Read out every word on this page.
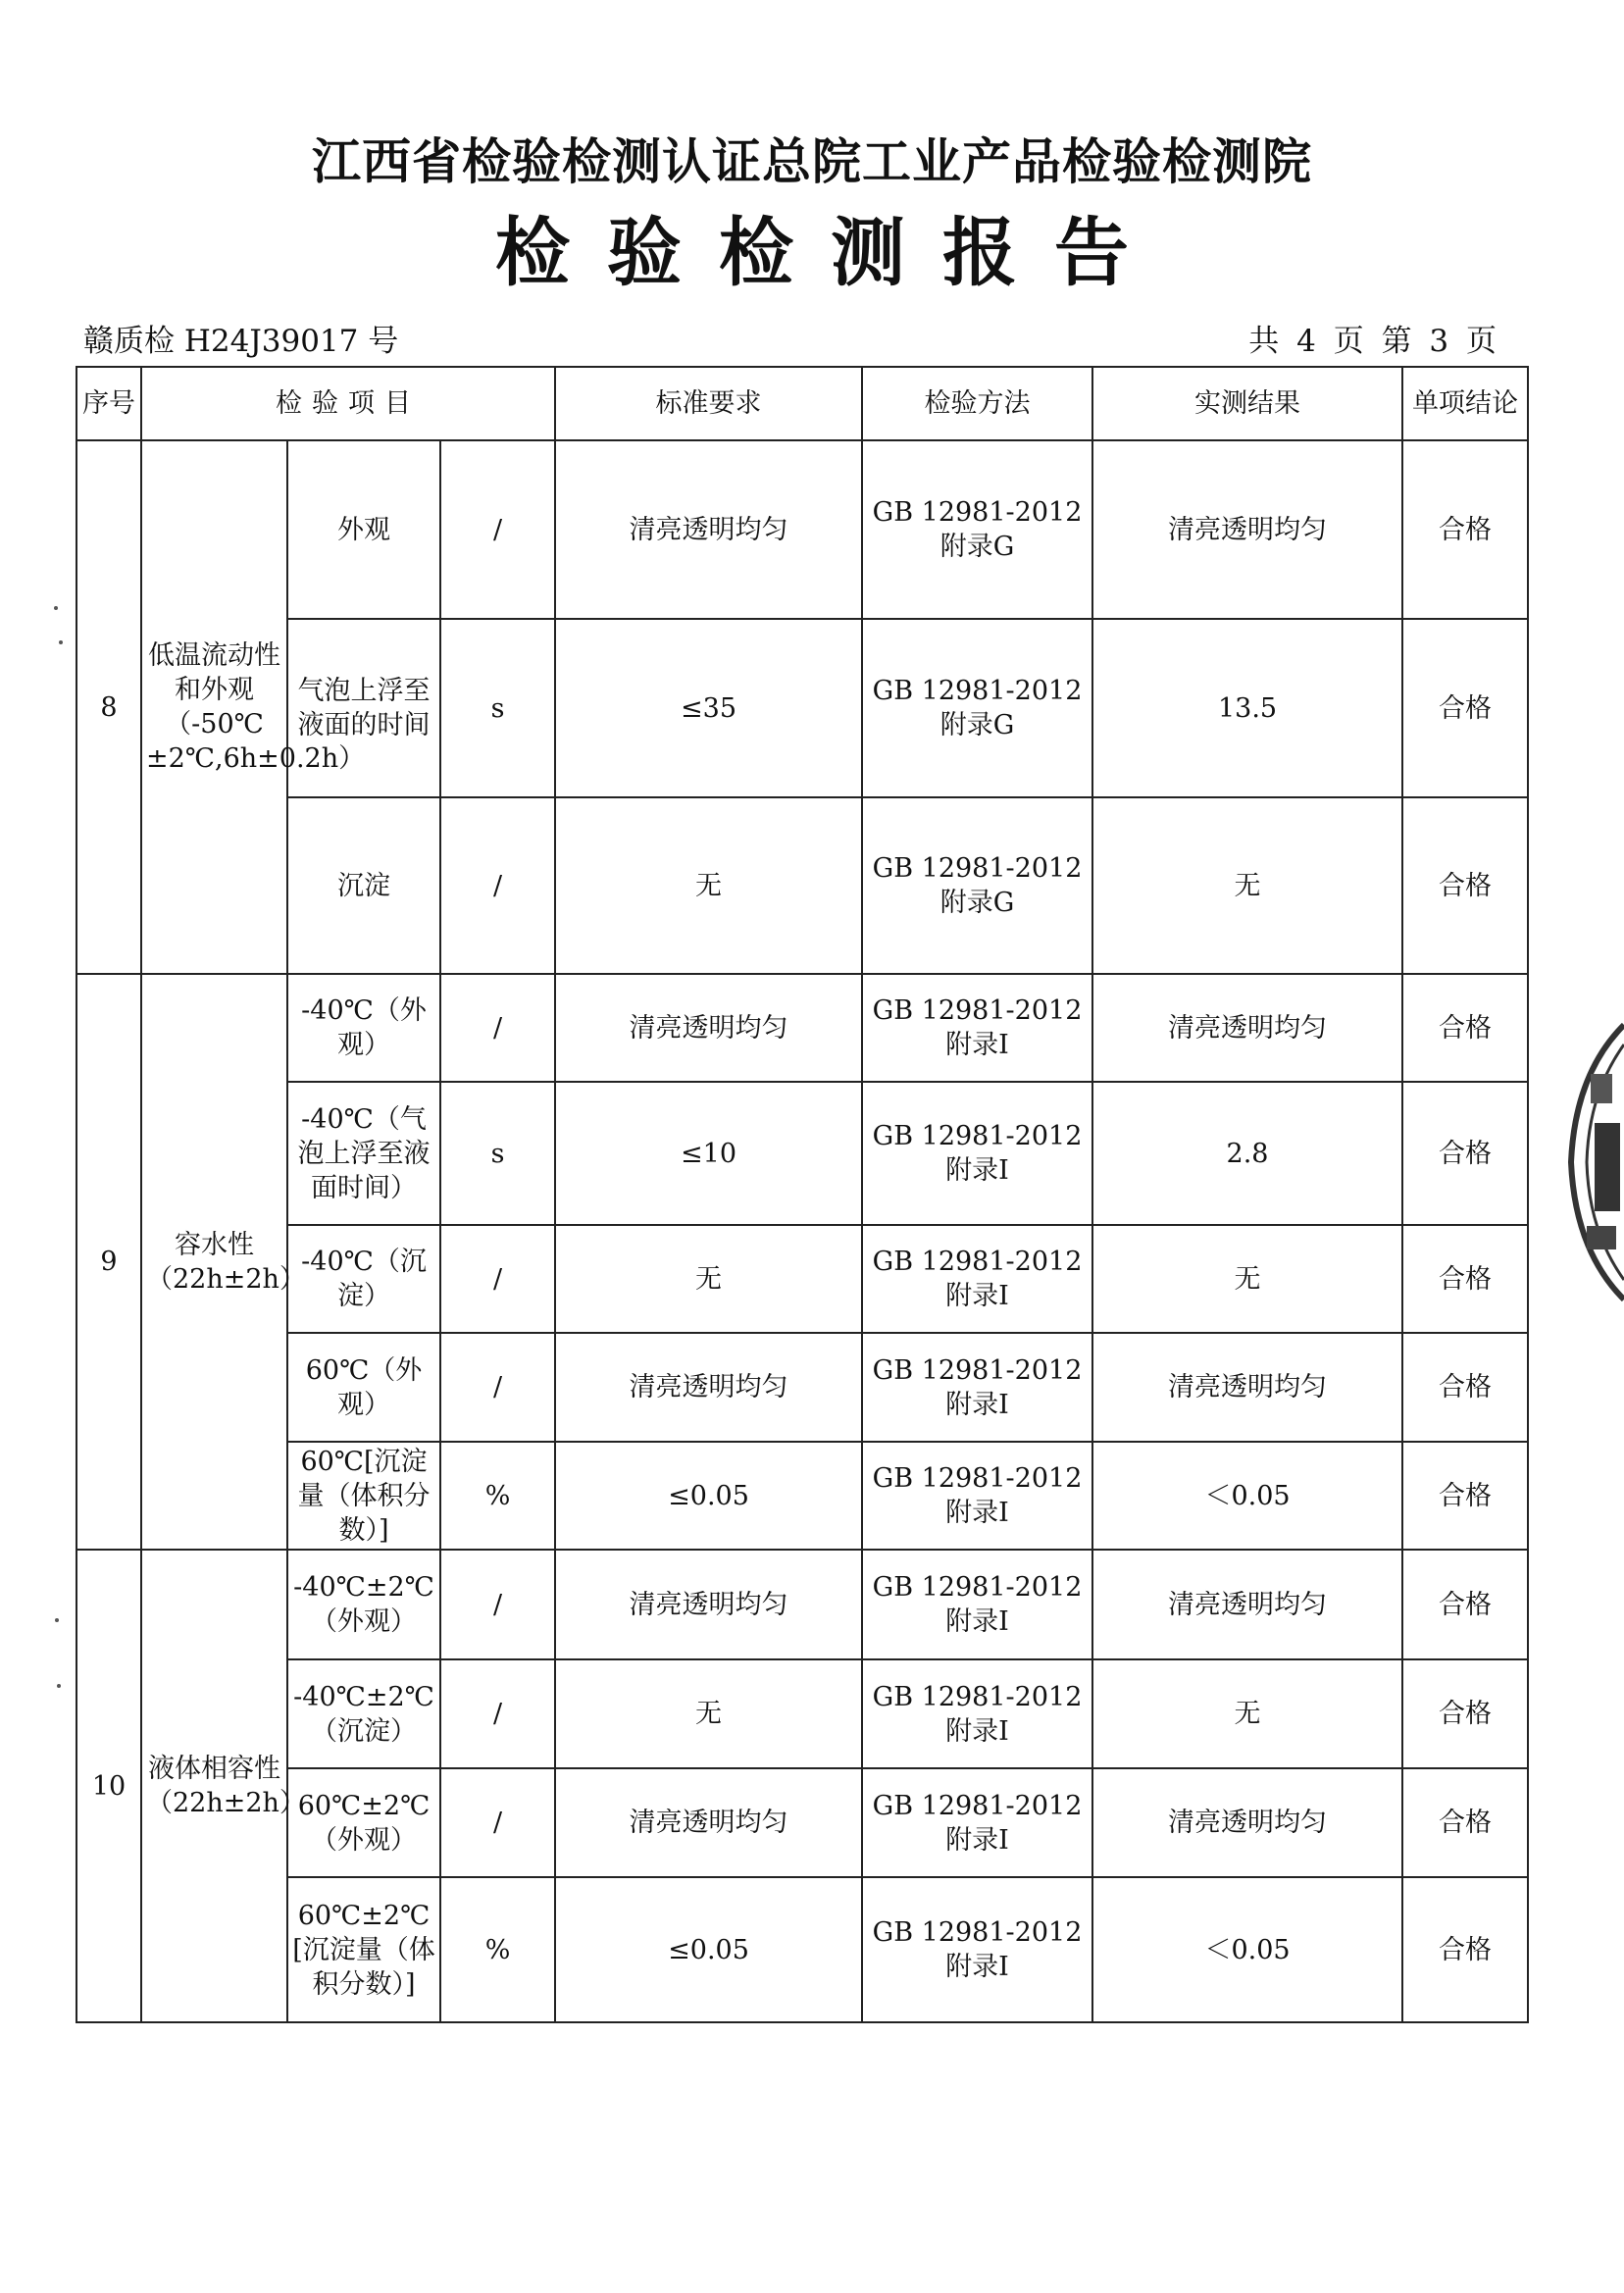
江西省检验检测认证总院工业产品检验检测院
检验检测报告
赣质检 H24J39017 号	共 4 页 第 3 页
序号	检验项目			标准要求	检验方法	实测结果	单项结论
8	低温流动性和外观（-50℃±2℃,6h±0.2h）	外观	/	清亮透明均匀	GB 12981-2012 附录G	清亮透明均匀	合格
		气泡上浮至液面的时间	s	≤35	GB 12981-2012 附录G	13.5	合格
		沉淀	/	无	GB 12981-2012 附录G	无	合格
9	容水性（22h±2h）	-40℃（外观）	/	清亮透明均匀	GB 12981-2012 附录I	清亮透明均匀	合格
		-40℃（气泡上浮至液面时间）	s	≤10	GB 12981-2012 附录I	2.8	合格
		-40℃（沉淀）	/	无	GB 12981-2012 附录I	无	合格
		60℃（外观）	/	清亮透明均匀	GB 12981-2012 附录I	清亮透明均匀	合格
		60℃[沉淀量（体积分数）]	%	≤0.05	GB 12981-2012 附录I	＜0.05	合格
10	液体相容性（22h±2h）	-40℃±2℃（外观）	/	清亮透明均匀	GB 12981-2012 附录I	清亮透明均匀	合格
		-40℃±2℃（沉淀）	/	无	GB 12981-2012 附录I	无	合格
		60℃±2℃（外观）	/	清亮透明均匀	GB 12981-2012 附录I	清亮透明均匀	合格
		60℃±2℃[沉淀量（体积分数）]	%	≤0.05	GB 12981-2012 附录I	＜0.05	合格
